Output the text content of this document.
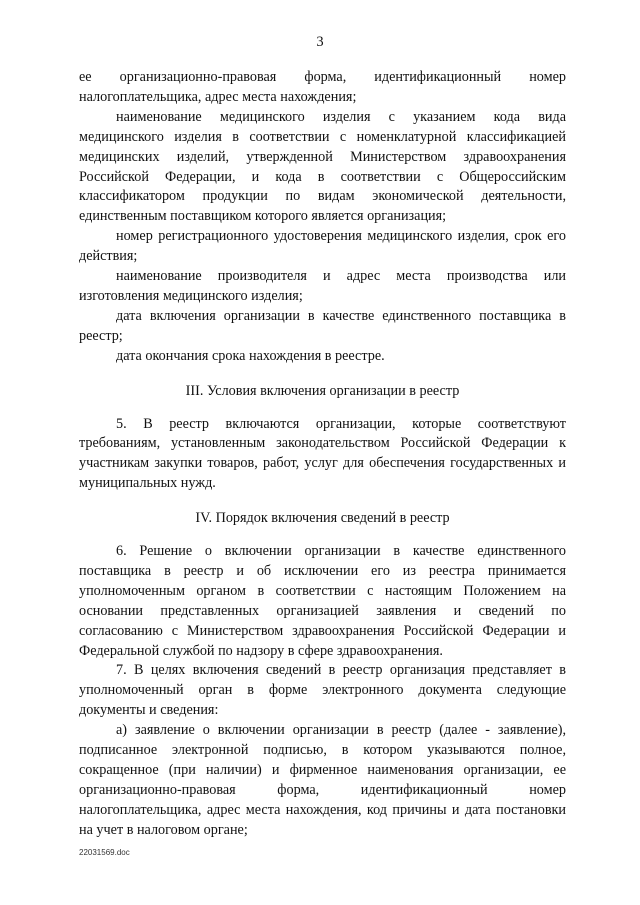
3

ее организационно-правовая форма, идентификационный номер налогоплательщика, адрес места нахождения;

наименование медицинского изделия с указанием кода вида медицинского изделия в соответствии с номенклатурной классификацией медицинских изделий, утвержденной Министерством здравоохранения Российской Федерации, и кода в соответствии с Общероссийским классификатором продукции по видам экономической деятельности, единственным поставщиком которого является организация;

номер регистрационного удостоверения медицинского изделия, срок его действия;

наименование производителя и адрес места производства или изготовления медицинского изделия;

дата включения организации в качестве единственного поставщика в реестр;

дата окончания срока нахождения в реестре.

III. Условия включения организации в реестр

5. В реестр включаются организации, которые соответствуют требованиям, установленным законодательством Российской Федерации к участникам закупки товаров, работ, услуг для обеспечения государственных и муниципальных нужд.

IV. Порядок включения сведений в реестр

6. Решение о включении организации в качестве единственного поставщика в реестр и об исключении его из реестра принимается уполномоченным органом в соответствии с настоящим Положением на основании представленных организацией заявления и сведений по согласованию с Министерством здравоохранения Российской Федерации и Федеральной службой по надзору в сфере здравоохранения.

7. В целях включения сведений в реестр организация представляет в уполномоченный орган в форме электронного документа следующие документы и сведения:

а) заявление о включении организации в реестр (далее - заявление), подписанное электронной подписью, в котором указываются полное, сокращенное (при наличии) и фирменное наименования организации, ее организационно-правовая форма, идентификационный номер налогоплательщика, адрес места нахождения, код причины и дата постановки на учет в налоговом органе;

22031569.doc
